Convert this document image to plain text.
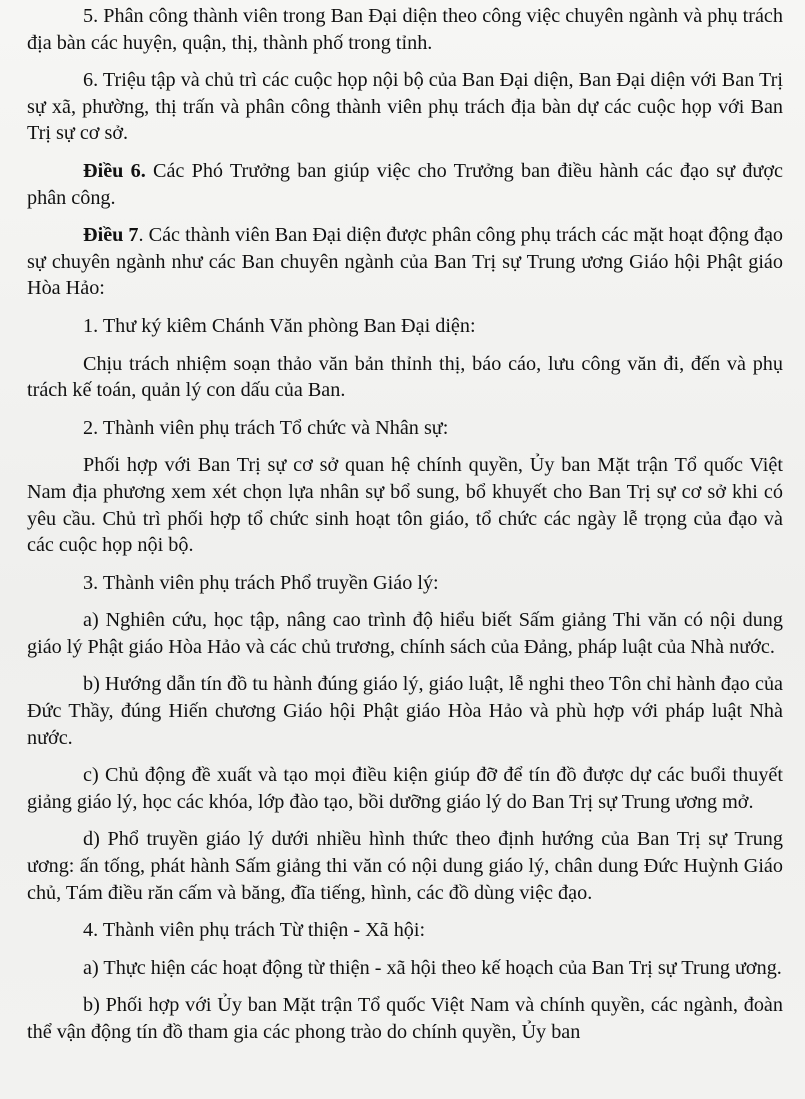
5. Phân công thành viên trong Ban Đại diện theo công việc chuyên ngành và phụ trách địa bàn các huyện, quận, thị, thành phố trong tỉnh.

6. Triệu tập và chủ trì các cuộc họp nội bộ của Ban Đại diện, Ban Đại diện với Ban Trị sự xã, phường, thị trấn và phân công thành viên phụ trách địa bàn dự các cuộc họp với Ban Trị sự cơ sở.

Điều 6. Các Phó Trưởng ban giúp việc cho Trưởng ban điều hành các đạo sự được phân công.

Điều 7. Các thành viên Ban Đại diện được phân công phụ trách các mặt hoạt động đạo sự chuyên ngành như các Ban chuyên ngành của Ban Trị sự Trung ương Giáo hội Phật giáo Hòa Hảo:

1. Thư ký kiêm Chánh Văn phòng Ban Đại diện:

Chịu trách nhiệm soạn thảo văn bản thỉnh thị, báo cáo, lưu công văn đi, đến và phụ trách kế toán, quản lý con dấu của Ban.

2. Thành viên phụ trách Tổ chức và Nhân sự:

Phối hợp với Ban Trị sự cơ sở quan hệ chính quyền, Ủy ban Mặt trận Tổ quốc Việt Nam địa phương xem xét chọn lựa nhân sự bổ sung, bổ khuyết cho Ban Trị sự cơ sở khi có yêu cầu. Chủ trì phối hợp tổ chức sinh hoạt tôn giáo, tổ chức các ngày lễ trọng của đạo và các cuộc họp nội bộ.

3. Thành viên phụ trách Phổ truyền Giáo lý:

a) Nghiên cứu, học tập, nâng cao trình độ hiểu biết Sấm giảng Thi văn có nội dung giáo lý Phật giáo Hòa Hảo và các chủ trương, chính sách của Đảng, pháp luật của Nhà nước.

b) Hướng dẫn tín đồ tu hành đúng giáo lý, giáo luật, lễ nghi theo Tôn chỉ hành đạo của Đức Thầy, đúng Hiến chương Giáo hội Phật giáo Hòa Hảo và phù hợp với pháp luật Nhà nước.

c) Chủ động đề xuất và tạo mọi điều kiện giúp đỡ để tín đồ được dự các buổi thuyết giảng giáo lý, học các khóa, lớp đào tạo, bồi dưỡng giáo lý do Ban Trị sự Trung ương mở.

d) Phổ truyền giáo lý dưới nhiều hình thức theo định hướng của Ban Trị sự Trung ương: ấn tống, phát hành Sấm giảng thi văn có nội dung giáo lý, chân dung Đức Huỳnh Giáo chủ, Tám điều răn cấm và băng, đĩa tiếng, hình, các đồ dùng việc đạo.

4. Thành viên phụ trách Từ thiện - Xã hội:

a) Thực hiện các hoạt động từ thiện - xã hội theo kế hoạch của Ban Trị sự Trung ương.

b) Phối hợp với Ủy ban Mặt trận Tổ quốc Việt Nam và chính quyền, các ngành, đoàn thể vận động tín đồ tham gia các phong trào do chính quyền, Ủy ban
